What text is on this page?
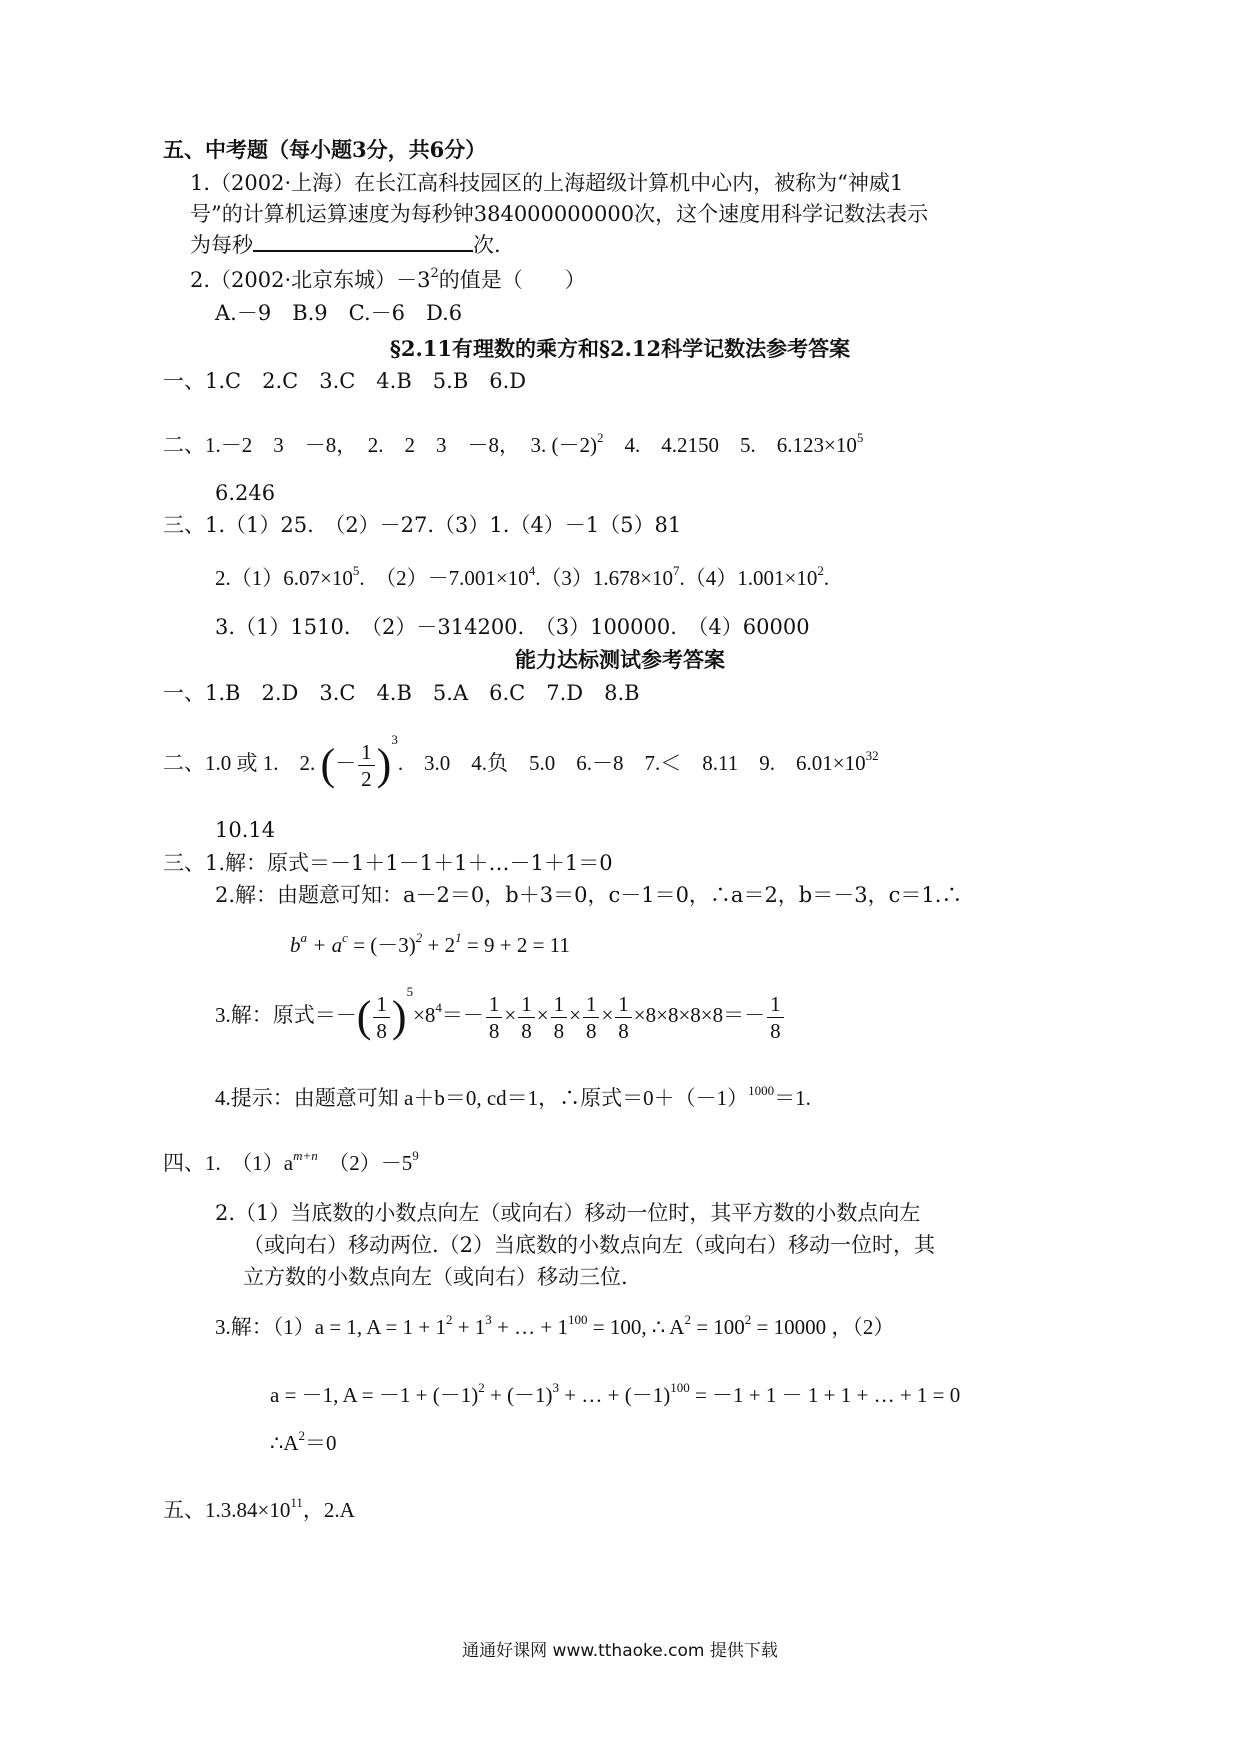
五、中考题（每小题3分，共6分）
1.（2002·上海）在长江高科技园区的上海超级计算机中心内，被称为“神威1
号”的计算机运算速度为每秒钟384000000000次，这个速度用科学记数法表示
为每秒	次.
2.（2002·北京东城）$-3^2$的值是（　　）
A.－9　B.9　C.－6　D.6
§2.11有理数的乘方和§2.12科学记数法参考答案
一、1.C　2.C　3.C　4.B　5.B　6.D
二、1.－2　3　－8，　2.　2　3　－8，　3. $(-2)^2$　4.　4.2150　5.　$6.123\times 10^5$
6.246
三、1.（1）25.　（2）－27.（3）1.（4）－1（5）81
$2.(1)6.07\times 10^5$.　$(2)-7.001\times 10^4.(3)1.678\times 10^7.(4)1.001\times 10^2$.
3.（1）1510.　（2）－314200.　（3）100000.　（4）60000
能力达标测试参考答案
一、1.B　2.D　3.C　4.B　5.A　6.C　7.D　8.B
二、1.0 或 1.　2. (－ $\frac{1}{2} )^3$.　3.0　4.负　5.0　6.－8　7.＜　8.11　9.　$6.01\times 10^{32}$
10.14
三、1.解：原式＝－1＋1－1＋1＋…－1＋1＝0
2.解：由题意可知：a－2＝0，b＋3＝0，c－1＝0，∴a＝2，b＝－3，c＝1.∴
$b^a + a^c = (-3)^2 + 2^1 = 9 + 2 = 11$
3.解：原式＝－( $\frac{1}{8} )^5\times 8^4=- \frac{1}{8} \times \frac{1}{8} \times \frac{1}{8} \times \frac{1}{8} \times \frac{1}{8} \times 8\times 8\times 8\times 8=- \frac{1}{8}$
4.提示：由题意可知 a＋b＝0, cd＝1，∴原式$=0+(-1)^{1000}=1$.
四、1.　$(1)a^{m+n}$　$(2)-5^9$
2.（1）当底数的小数点向左（或向右）移动一位时，其平方数的小数点向左
（或向右）移动两位.（2）当底数的小数点向左（或向右）移动一位时，其
立方数的小数点向左（或向右）移动三位.
3.解：（1）a = 1, $A = 1 + 1^2 + 1^3$ + … + $1^{100} = 100$, ∴ $A^2 = 100^2 = 10000$ ，（2）
a = －1, $A = -1 + (-1)^2 + (-1)^3$ + … + $(-1)^{100} = -1 + 1 - 1 + 1$ + … + 1 = 0
$\therefore A^2=0$
五、$1.3.84\times 10^{11}$，2.A
通通好课网 www.tthaoke.com 提供下载
